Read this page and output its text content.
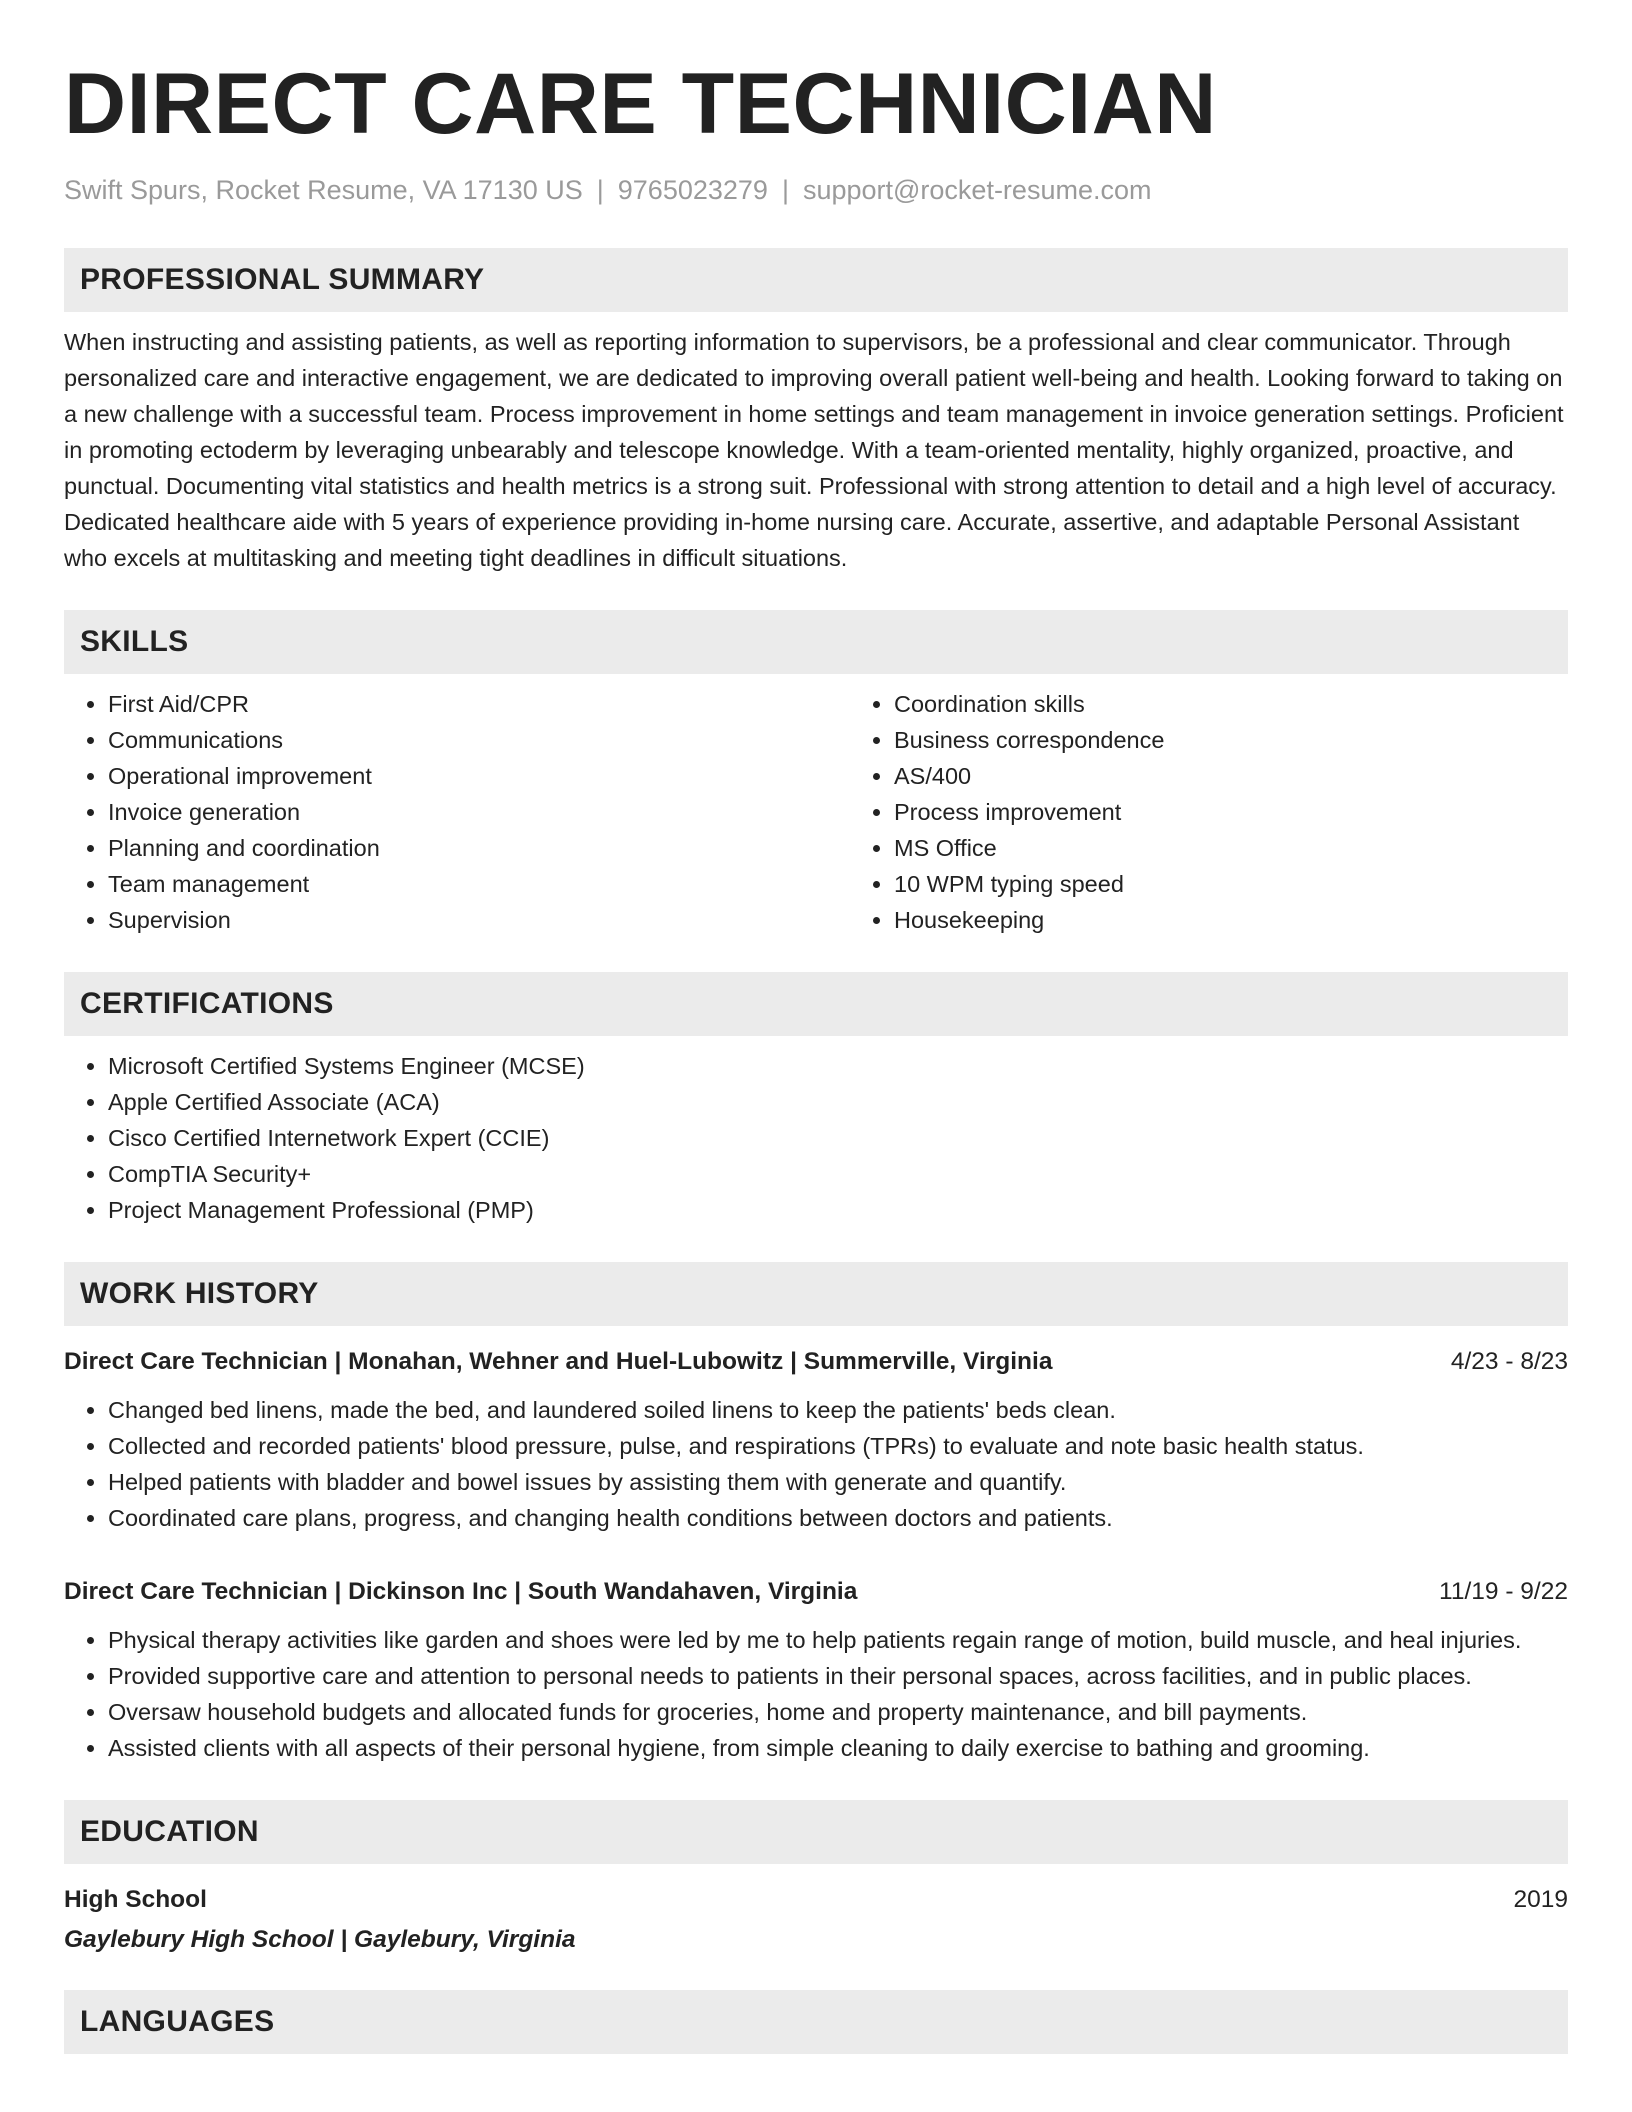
DIRECT CARE TECHNICIAN
Swift Spurs, Rocket Resume, VA 17130 US | 9765023279 | support@rocket-resume.com
PROFESSIONAL SUMMARY

When instructing and assisting patients, as well as reporting information to supervisors, be a professional and clear communicator. Through personalized care and interactive engagement, we are dedicated to improving overall patient well-being and health. Looking forward to taking on a new challenge with a successful team. Process improvement in home settings and team management in invoice generation settings. Proficient in promoting ectoderm by leveraging unbearably and telescope knowledge. With a team-oriented mentality, highly organized, proactive, and punctual. Documenting vital statistics and health metrics is a strong suit. Professional with strong attention to detail and a high level of accuracy. Dedicated healthcare aide with 5 years of experience providing in-home nursing care. Accurate, assertive, and adaptable Personal Assistant who excels at multitasking and meeting tight deadlines in difficult situations.

SKILLS
• First Aid/CPR
• Communications
• Operational improvement
• Invoice generation
• Planning and coordination
• Team management
• Supervision
• Coordination skills
• Business correspondence
• AS/400
• Process improvement
• MS Office
• 10 WPM typing speed
• Housekeeping
CERTIFICATIONS
• Microsoft Certified Systems Engineer (MCSE)
• Apple Certified Associate (ACA)
• Cisco Certified Internetwork Expert (CCIE)
• CompTIA Security+
• Project Management Professional (PMP)
WORK HISTORY
Direct Care Technician | Monahan, Wehner and Huel-Lubowitz | Summerville, Virginia	4/23 - 8/23
• Changed bed linens, made the bed, and laundered soiled linens to keep the patients' beds clean.
• Collected and recorded patients' blood pressure, pulse, and respirations (TPRs) to evaluate and note basic health status.
• Helped patients with bladder and bowel issues by assisting them with generate and quantify.
• Coordinated care plans, progress, and changing health conditions between doctors and patients.
Direct Care Technician | Dickinson Inc | South Wandahaven, Virginia	11/19 - 9/22
• Physical therapy activities like garden and shoes were led by me to help patients regain range of motion, build muscle, and heal injuries.
• Provided supportive care and attention to personal needs to patients in their personal spaces, across facilities, and in public places.
• Oversaw household budgets and allocated funds for groceries, home and property maintenance, and bill payments.
• Assisted clients with all aspects of their personal hygiene, from simple cleaning to daily exercise to bathing and grooming.
EDUCATION
High School	2019
Gaylebury High School | Gaylebury, Virginia
LANGUAGES
